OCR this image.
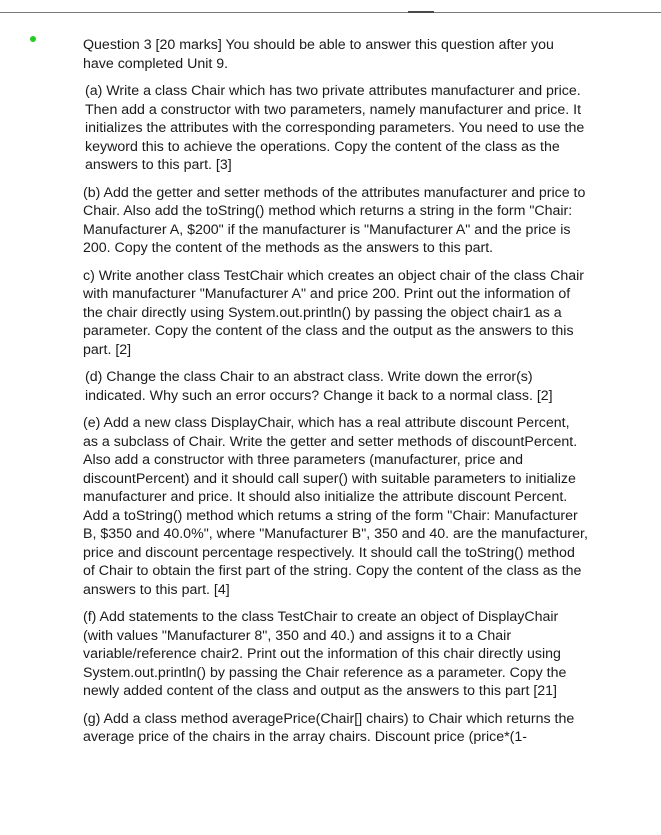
Question 3 [20 marks] You should be able to answer this question after you have completed Unit 9.

(a) Write a class Chair which has two private attributes manufacturer and price. Then add a constructor with two parameters, namely manufacturer and price. It initializes the attributes with the corresponding parameters. You need to use the keyword this to achieve the operations. Copy the content of the class as the answers to this part. [3]

(b) Add the getter and setter methods of the attributes manufacturer and price to Chair. Also add the toString() method which returns a string in the form "Chair: Manufacturer A, $200" if the manufacturer is "Manufacturer A" and the price is 200. Copy the content of the methods as the answers to this part.

c) Write another class TestChair which creates an object chair of the class Chair with manufacturer "Manufacturer A" and price 200. Print out the information of the chair directly using System.out.println() by passing the object chair1 as a parameter. Copy the content of the class and the output as the answers to this part. [2]

(d) Change the class Chair to an abstract class. Write down the error(s) indicated. Why such an error occurs? Change it back to a normal class. [2]

(e) Add a new class DisplayChair, which has a real attribute discount Percent, as a subclass of Chair. Write the getter and setter methods of discountPercent. Also add a constructor with three parameters (manufacturer, price and discountPercent) and it should call super() with suitable parameters to initialize manufacturer and price. It should also initialize the attribute discount Percent. Add a toString() method which retums a string of the form "Chair: Manufacturer B, $350 and 40.0%", where "Manufacturer B", 350 and 40. are the manufacturer, price and discount percentage respectively. It should call the toString() method of Chair to obtain the first part of the string. Copy the content of the class as the answers to this part. [4]

(f) Add statements to the class TestChair to create an object of DisplayChair (with values "Manufacturer 8", 350 and 40.) and assigns it to a Chair variable/reference chair2. Print out the information of this chair directly using System.out.println() by passing the Chair reference as a parameter. Copy the newly added content of the class and output as the answers to this part [21]

(g) Add a class method averagePrice(Chair[] chairs) to Chair which returns the average price of the chairs in the array chairs. Discount price (price*(1-
